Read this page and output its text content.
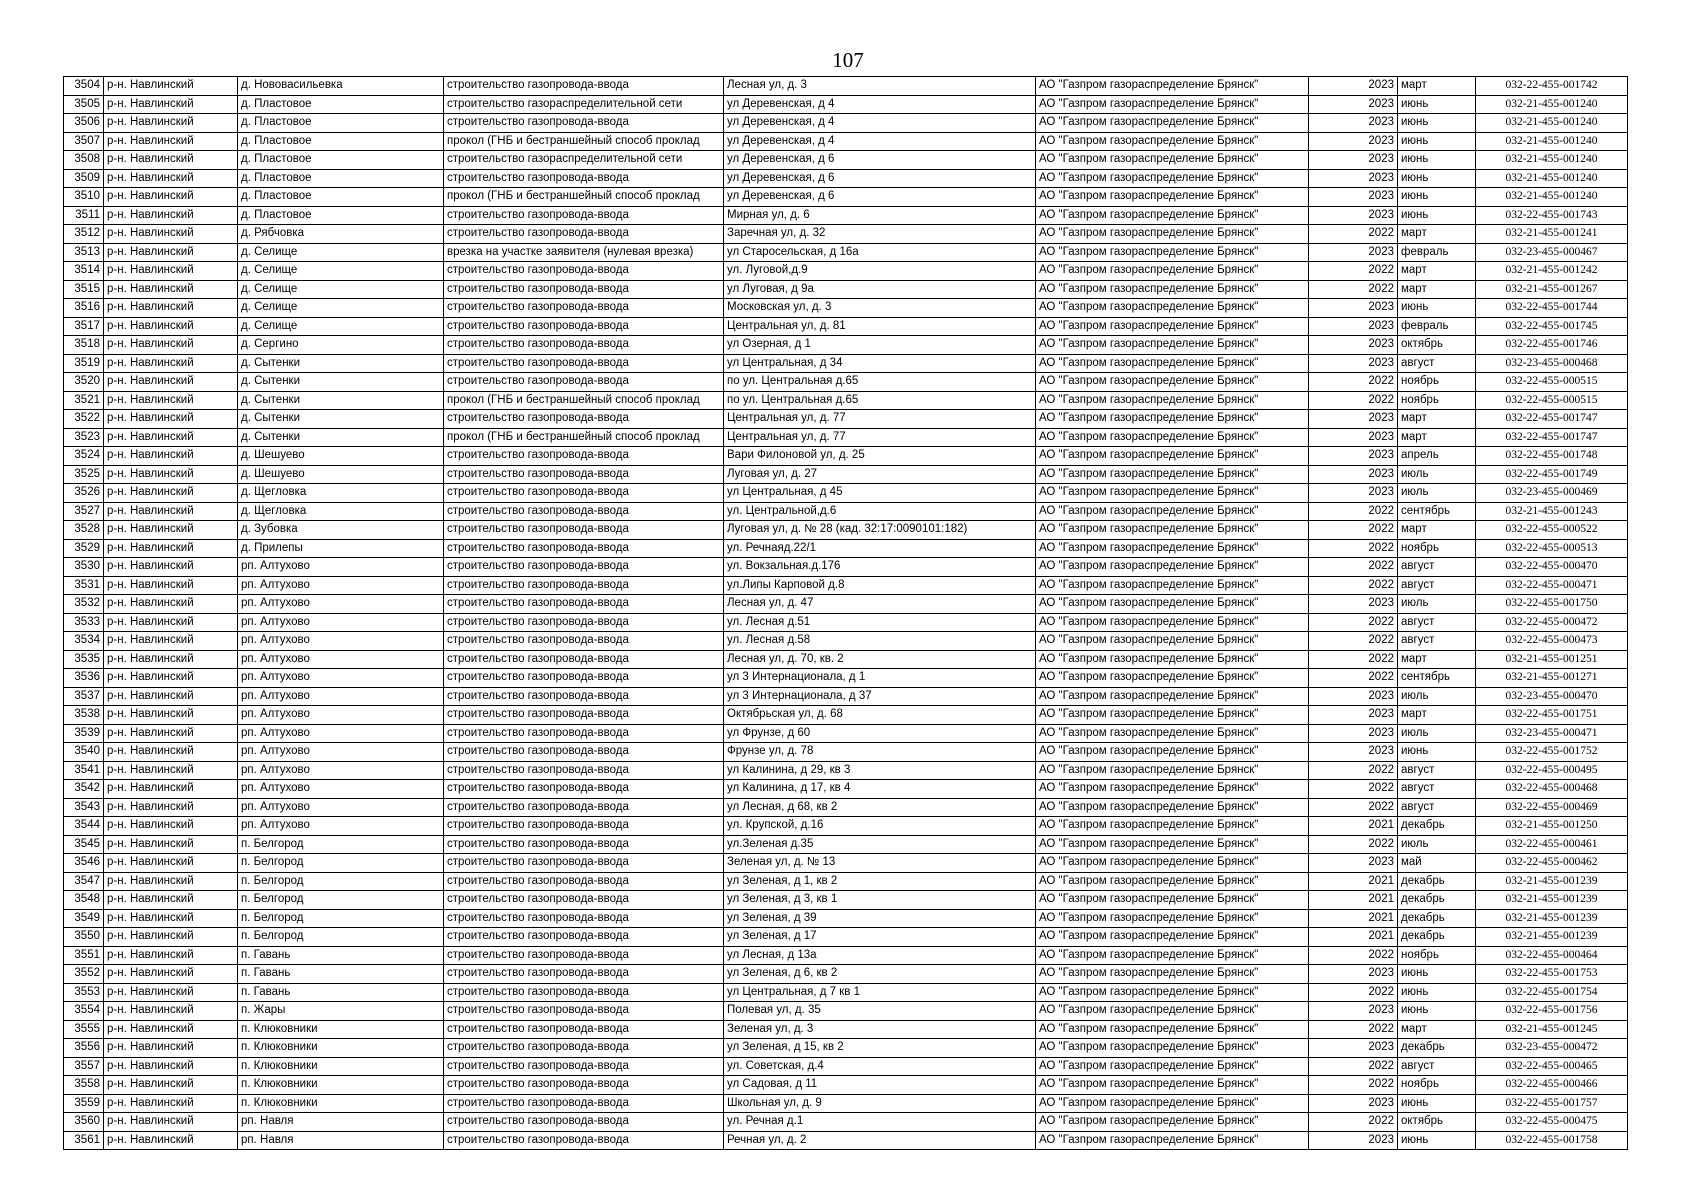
107
3504	р-н. Навлинский	д. Нововасильевка	строительство газопровода-ввода	Лесная ул, д. 3	АО "Газпром газораспределение Брянск"	2023	март	032-22-455-001742
3505	р-н. Навлинский	д. Пластовое	строительство газораспределительной сети	ул Деревенская, д 4	АО "Газпром газораспределение Брянск"	2023	июнь	032-21-455-001240
3506	р-н. Навлинский	д. Пластовое	строительство газопровода-ввода	ул Деревенская, д 4	АО "Газпром газораспределение Брянск"	2023	июнь	032-21-455-001240
3507	р-н. Навлинский	д. Пластовое	прокол (ГНБ и бестраншейный способ проклад	ул Деревенская, д 4	АО "Газпром газораспределение Брянск"	2023	июнь	032-21-455-001240
3508	р-н. Навлинский	д. Пластовое	строительство газораспределительной сети	ул Деревенская, д 6	АО "Газпром газораспределение Брянск"	2023	июнь	032-21-455-001240
3509	р-н. Навлинский	д. Пластовое	строительство газопровода-ввода	ул Деревенская, д 6	АО "Газпром газораспределение Брянск"	2023	июнь	032-21-455-001240
3510	р-н. Навлинский	д. Пластовое	прокол (ГНБ и бестраншейный способ проклад	ул Деревенская, д 6	АО "Газпром газораспределение Брянск"	2023	июнь	032-21-455-001240
3511	р-н. Навлинский	д. Пластовое	строительство газопровода-ввода	Мирная ул, д. 6	АО "Газпром газораспределение Брянск"	2023	июнь	032-22-455-001743
3512	р-н. Навлинский	д. Рябчовка	строительство газопровода-ввода	Заречная ул, д. 32	АО "Газпром газораспределение Брянск"	2022	март	032-21-455-001241
3513	р-н. Навлинский	д. Селище	врезка на участке заявителя (нулевая врезка)	ул Старосельская, д 16а	АО "Газпром газораспределение Брянск"	2023	февраль	032-23-455-000467
3514	р-н. Навлинский	д. Селище	строительство газопровода-ввода	ул. Луговой,д.9	АО "Газпром газораспределение Брянск"	2022	март	032-21-455-001242
3515	р-н. Навлинский	д. Селище	строительство газопровода-ввода	ул Луговая, д 9а	АО "Газпром газораспределение Брянск"	2022	март	032-21-455-001267
3516	р-н. Навлинский	д. Селище	строительство газопровода-ввода	Московская ул, д. 3	АО "Газпром газораспределение Брянск"	2023	июнь	032-22-455-001744
3517	р-н. Навлинский	д. Селище	строительство газопровода-ввода	Центральная ул, д. 81	АО "Газпром газораспределение Брянск"	2023	февраль	032-22-455-001745
3518	р-н. Навлинский	д. Сергино	строительство газопровода-ввода	ул Озерная, д 1	АО "Газпром газораспределение Брянск"	2023	октябрь	032-22-455-001746
3519	р-н. Навлинский	д. Сытенки	строительство газопровода-ввода	ул Центральная, д 34	АО "Газпром газораспределение Брянск"	2023	август	032-23-455-000468
3520	р-н. Навлинский	д. Сытенки	строительство газопровода-ввода	по ул. Центральная д.65	АО "Газпром газораспределение Брянск"	2022	ноябрь	032-22-455-000515
3521	р-н. Навлинский	д. Сытенки	прокол (ГНБ и бестраншейный способ проклад	по ул. Центральная д.65	АО "Газпром газораспределение Брянск"	2022	ноябрь	032-22-455-000515
3522	р-н. Навлинский	д. Сытенки	строительство газопровода-ввода	Центральная ул, д. 77	АО "Газпром газораспределение Брянск"	2023	март	032-22-455-001747
3523	р-н. Навлинский	д. Сытенки	прокол (ГНБ и бестраншейный способ проклад	Центральная ул, д. 77	АО "Газпром газораспределение Брянск"	2023	март	032-22-455-001747
3524	р-н. Навлинский	д. Шешуево	строительство газопровода-ввода	Вари Филоновой ул, д. 25	АО "Газпром газораспределение Брянск"	2023	апрель	032-22-455-001748
3525	р-н. Навлинский	д. Шешуево	строительство газопровода-ввода	Луговая ул, д. 27	АО "Газпром газораспределение Брянск"	2023	июль	032-22-455-001749
3526	р-н. Навлинский	д. Щегловка	строительство газопровода-ввода	ул Центральная, д 45	АО "Газпром газораспределение Брянск"	2023	июль	032-23-455-000469
3527	р-н. Навлинский	д. Щегловка	строительство газопровода-ввода	ул. Центральной,д.6	АО "Газпром газораспределение Брянск"	2022	сентябрь	032-21-455-001243
3528	р-н. Навлинский	д. Зубовка	строительство газопровода-ввода	Луговая ул, д. № 28 (кад. 32:17:0090101:182)	АО "Газпром газораспределение Брянск"	2022	март	032-22-455-000522
3529	р-н. Навлинский	д. Прилепы	строительство газопровода-ввода	ул. Речнаяд.22/1	АО "Газпром газораспределение Брянск"	2022	ноябрь	032-22-455-000513
3530	р-н. Навлинский	рп. Алтухово	строительство газопровода-ввода	ул. Вокзальная.д.176	АО "Газпром газораспределение Брянск"	2022	август	032-22-455-000470
3531	р-н. Навлинский	рп. Алтухово	строительство газопровода-ввода	ул.Липы Карповой д.8	АО "Газпром газораспределение Брянск"	2022	август	032-22-455-000471
3532	р-н. Навлинский	рп. Алтухово	строительство газопровода-ввода	Лесная ул, д. 47	АО "Газпром газораспределение Брянск"	2023	июль	032-22-455-001750
3533	р-н. Навлинский	рп. Алтухово	строительство газопровода-ввода	ул. Лесная д.51	АО "Газпром газораспределение Брянск"	2022	август	032-22-455-000472
3534	р-н. Навлинский	рп. Алтухово	строительство газопровода-ввода	ул. Лесная д.58	АО "Газпром газораспределение Брянск"	2022	август	032-22-455-000473
3535	р-н. Навлинский	рп. Алтухово	строительство газопровода-ввода	Лесная ул, д. 70, кв. 2	АО "Газпром газораспределение Брянск"	2022	март	032-21-455-001251
3536	р-н. Навлинский	рп. Алтухово	строительство газопровода-ввода	ул 3 Интернационала, д 1	АО "Газпром газораспределение Брянск"	2022	сентябрь	032-21-455-001271
3537	р-н. Навлинский	рп. Алтухово	строительство газопровода-ввода	ул 3 Интернационала, д 37	АО "Газпром газораспределение Брянск"	2023	июль	032-23-455-000470
3538	р-н. Навлинский	рп. Алтухово	строительство газопровода-ввода	Октябрьская ул, д. 68	АО "Газпром газораспределение Брянск"	2023	март	032-22-455-001751
3539	р-н. Навлинский	рп. Алтухово	строительство газопровода-ввода	ул Фрунзе, д 60	АО "Газпром газораспределение Брянск"	2023	июль	032-23-455-000471
3540	р-н. Навлинский	рп. Алтухово	строительство газопровода-ввода	Фрунзе ул, д. 78	АО "Газпром газораспределение Брянск"	2023	июнь	032-22-455-001752
3541	р-н. Навлинский	рп. Алтухово	строительство газопровода-ввода	ул Калинина, д 29, кв 3	АО "Газпром газораспределение Брянск"	2022	август	032-22-455-000495
3542	р-н. Навлинский	рп. Алтухово	строительство газопровода-ввода	ул Калинина, д 17, кв 4	АО "Газпром газораспределение Брянск"	2022	август	032-22-455-000468
3543	р-н. Навлинский	рп. Алтухово	строительство газопровода-ввода	ул Лесная, д 68, кв 2	АО "Газпром газораспределение Брянск"	2022	август	032-22-455-000469
3544	р-н. Навлинский	рп. Алтухово	строительство газопровода-ввода	ул. Крупской, д.16	АО "Газпром газораспределение Брянск"	2021	декабрь	032-21-455-001250
3545	р-н. Навлинский	п. Белгород	строительство газопровода-ввода	ул.Зеленая д.35	АО "Газпром газораспределение Брянск"	2022	июль	032-22-455-000461
3546	р-н. Навлинский	п. Белгород	строительство газопровода-ввода	Зеленая ул, д. № 13	АО "Газпром газораспределение Брянск"	2023	май	032-22-455-000462
3547	р-н. Навлинский	п. Белгород	строительство газопровода-ввода	ул Зеленая, д 1, кв 2	АО "Газпром газораспределение Брянск"	2021	декабрь	032-21-455-001239
3548	р-н. Навлинский	п. Белгород	строительство газопровода-ввода	ул Зеленая, д 3, кв 1	АО "Газпром газораспределение Брянск"	2021	декабрь	032-21-455-001239
3549	р-н. Навлинский	п. Белгород	строительство газопровода-ввода	ул Зеленая, д 39	АО "Газпром газораспределение Брянск"	2021	декабрь	032-21-455-001239
3550	р-н. Навлинский	п. Белгород	строительство газопровода-ввода	ул Зеленая, д 17	АО "Газпром газораспределение Брянск"	2021	декабрь	032-21-455-001239
3551	р-н. Навлинский	п. Гавань	строительство газопровода-ввода	ул Лесная, д 13а	АО "Газпром газораспределение Брянск"	2022	ноябрь	032-22-455-000464
3552	р-н. Навлинский	п. Гавань	строительство газопровода-ввода	ул Зеленая, д 6, кв 2	АО "Газпром газораспределение Брянск"	2023	июнь	032-22-455-001753
3553	р-н. Навлинский	п. Гавань	строительство газопровода-ввода	ул Центральная, д 7 кв 1	АО "Газпром газораспределение Брянск"	2022	июнь	032-22-455-001754
3554	р-н. Навлинский	п. Жары	строительство газопровода-ввода	Полевая ул, д. 35	АО "Газпром газораспределение Брянск"	2023	июнь	032-22-455-001756
3555	р-н. Навлинский	п. Клюковники	строительство газопровода-ввода	Зеленая ул, д. 3	АО "Газпром газораспределение Брянск"	2022	март	032-21-455-001245
3556	р-н. Навлинский	п. Клюковники	строительство газопровода-ввода	ул Зеленая, д 15, кв 2	АО "Газпром газораспределение Брянск"	2023	декабрь	032-23-455-000472
3557	р-н. Навлинский	п. Клюковники	строительство газопровода-ввода	ул. Советская, д.4	АО "Газпром газораспределение Брянск"	2022	август	032-22-455-000465
3558	р-н. Навлинский	п. Клюковники	строительство газопровода-ввода	ул Садовая, д 11	АО "Газпром газораспределение Брянск"	2022	ноябрь	032-22-455-000466
3559	р-н. Навлинский	п. Клюковники	строительство газопровода-ввода	Школьная ул, д. 9	АО "Газпром газораспределение Брянск"	2023	июнь	032-22-455-001757
3560	р-н. Навлинский	рп. Навля	строительство газопровода-ввода	ул. Речная д.1	АО "Газпром газораспределение Брянск"	2022	октябрь	032-22-455-000475
3561	р-н. Навлинский	рп. Навля	строительство газопровода-ввода	Речная ул, д. 2	АО "Газпром газораспределение Брянск"	2023	июнь	032-22-455-001758
